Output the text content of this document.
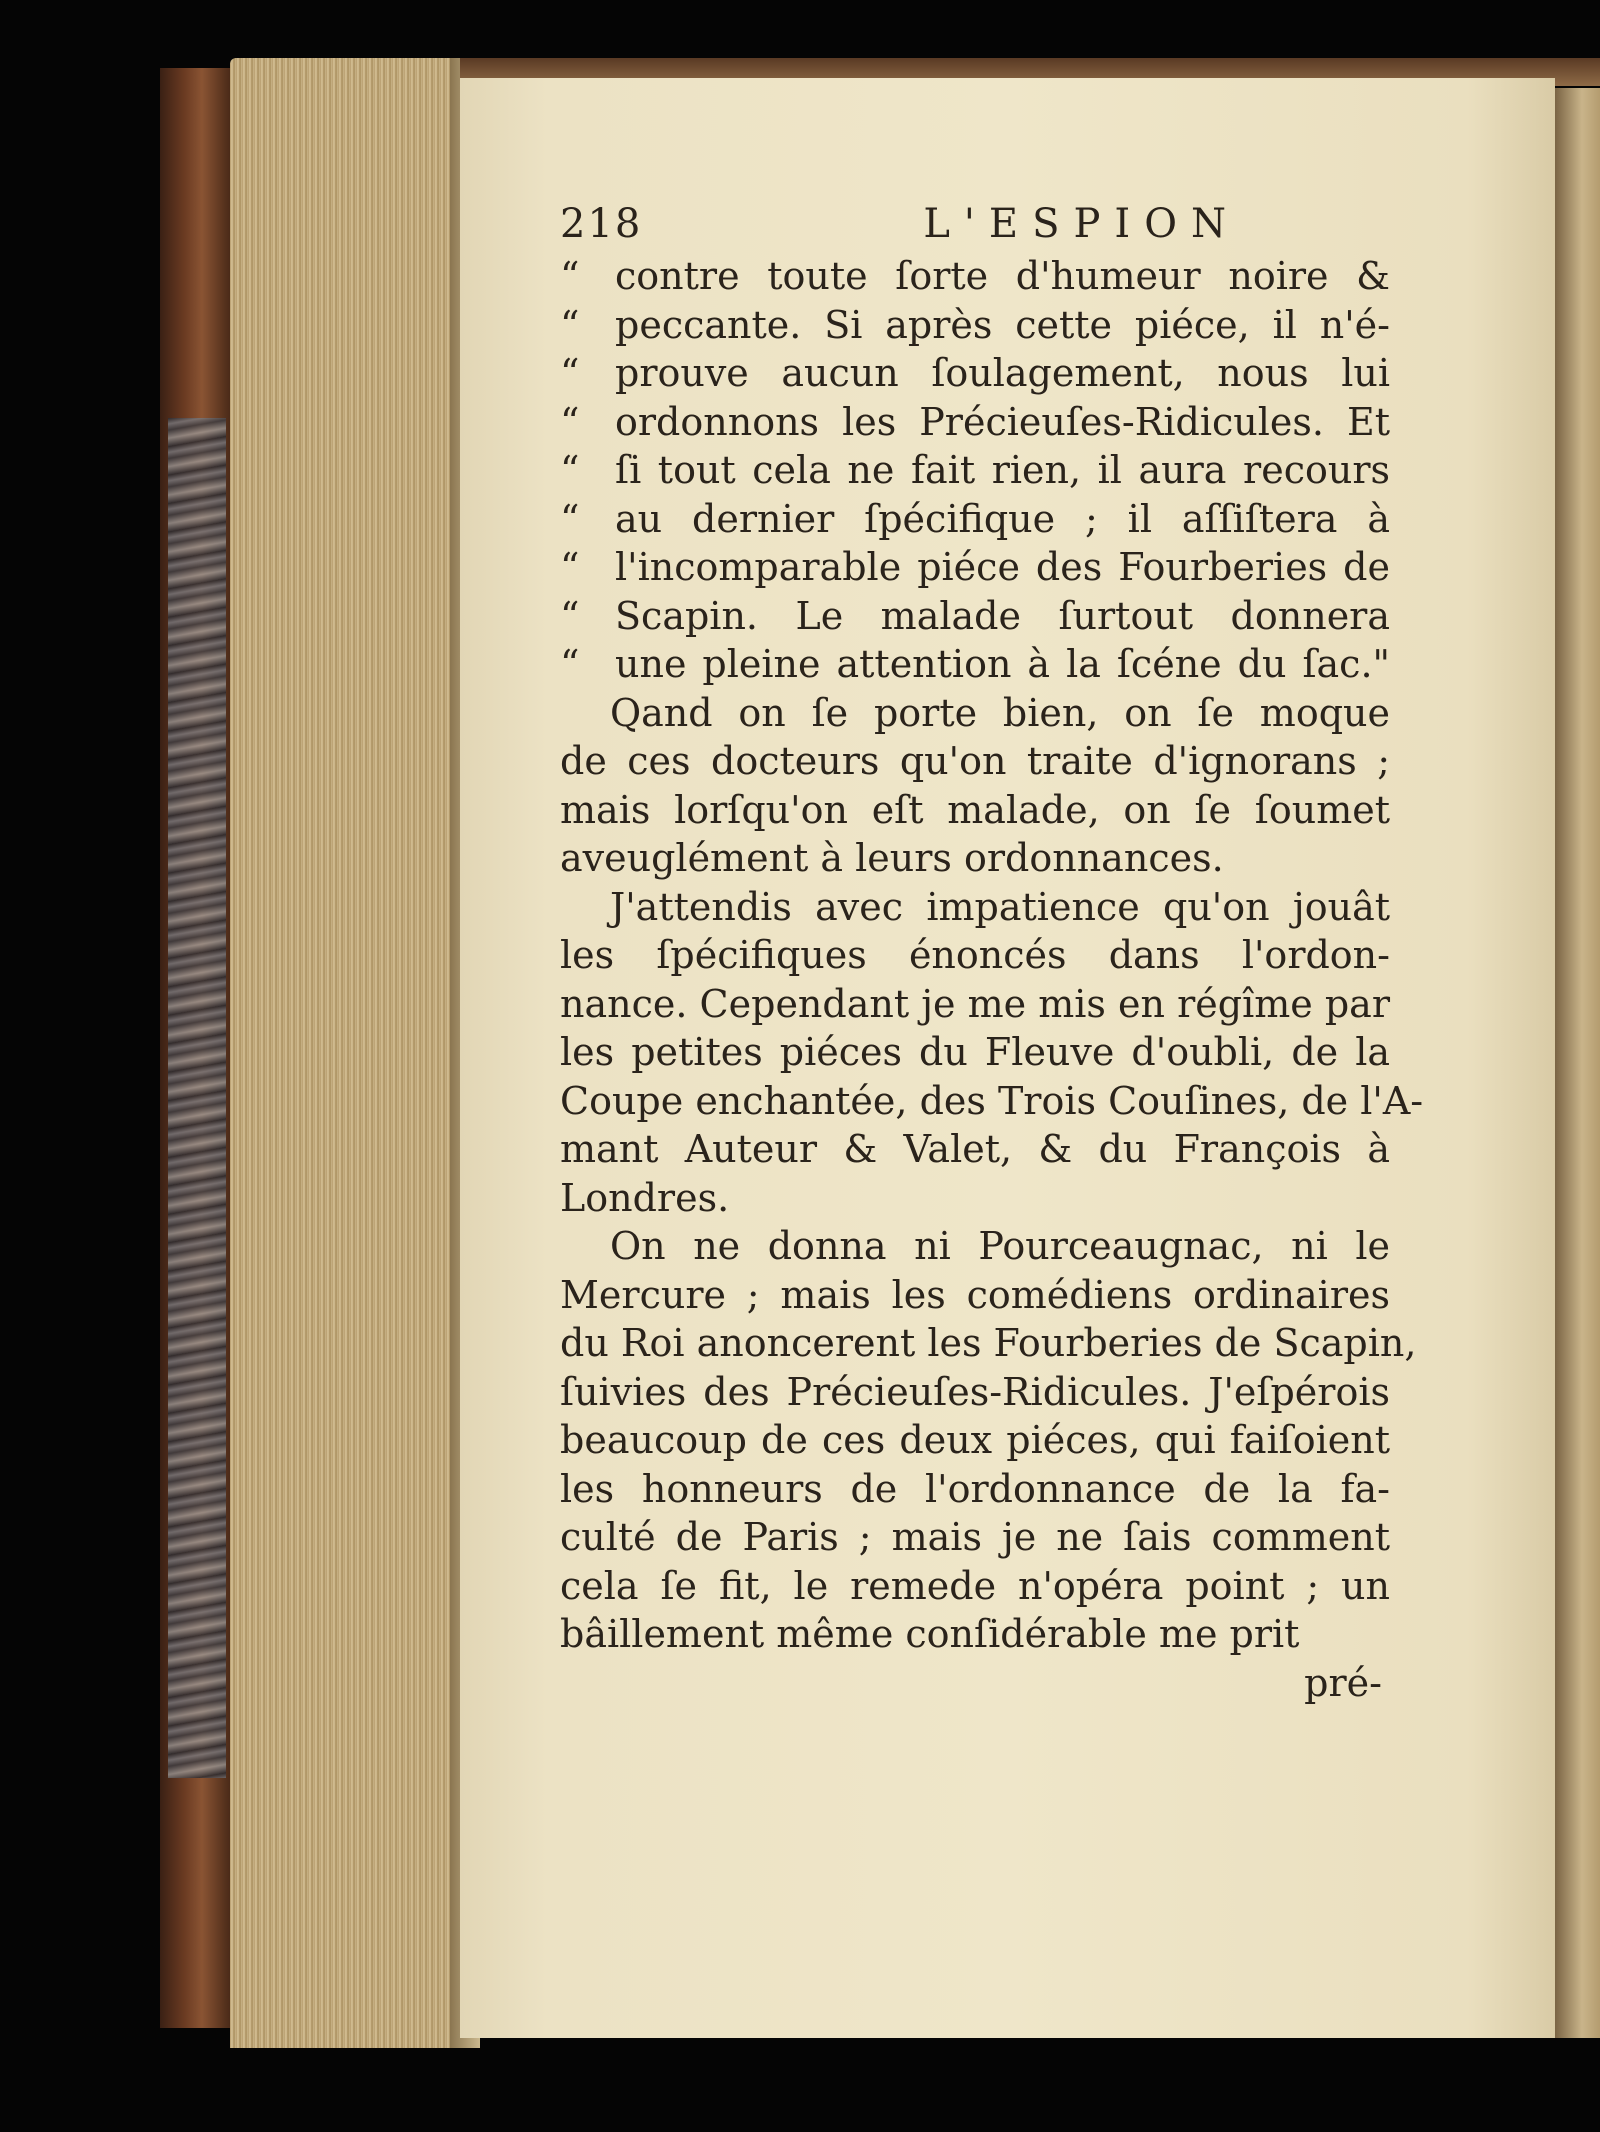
218	L'ESPION
“ contre toute ſorte d'humeur noire &
“ peccante. Si après cette piéce, il n'é-
“ prouve aucun ſoulagement, nous lui
“ ordonnons les Précieuſes-Ridicules. Et
“ ſi tout cela ne fait rien, il aura recours
“ au dernier ſpécifique ; il aſſiſtera à
“ l'incomparable piéce des Fourberies de
“ Scapin. Le malade ſurtout donnera
“ une pleine attention à la ſcéne du ſac."
Qand on ſe porte bien, on ſe moque
de ces docteurs qu'on traite d'ignorans ;
mais lorſqu'on eſt malade, on ſe ſoumet
aveuglément à leurs ordonnances.
J'attendis avec impatience qu'on jouât
les ſpécifiques énoncés dans l'ordon-
nance. Cependant je me mis en régîme par
les petites piéces du Fleuve d'oubli, de la
Coupe enchantée, des Trois Couſines, de l'A-
mant Auteur & Valet, & du François à
Londres.
On ne donna ni Pourceaugnac, ni le
Mercure ; mais les comédiens ordinaires
du Roi anoncerent les Fourberies de Scapin,
ſuivies des Précieuſes-Ridicules. J'eſpérois
beaucoup de ces deux piéces, qui faiſoient
les honneurs de l'ordonnance de la fa-
culté de Paris ; mais je ne ſais comment
cela ſe fit, le remede n'opéra point ; un
bâillement même conſidérable me prit
pré-
